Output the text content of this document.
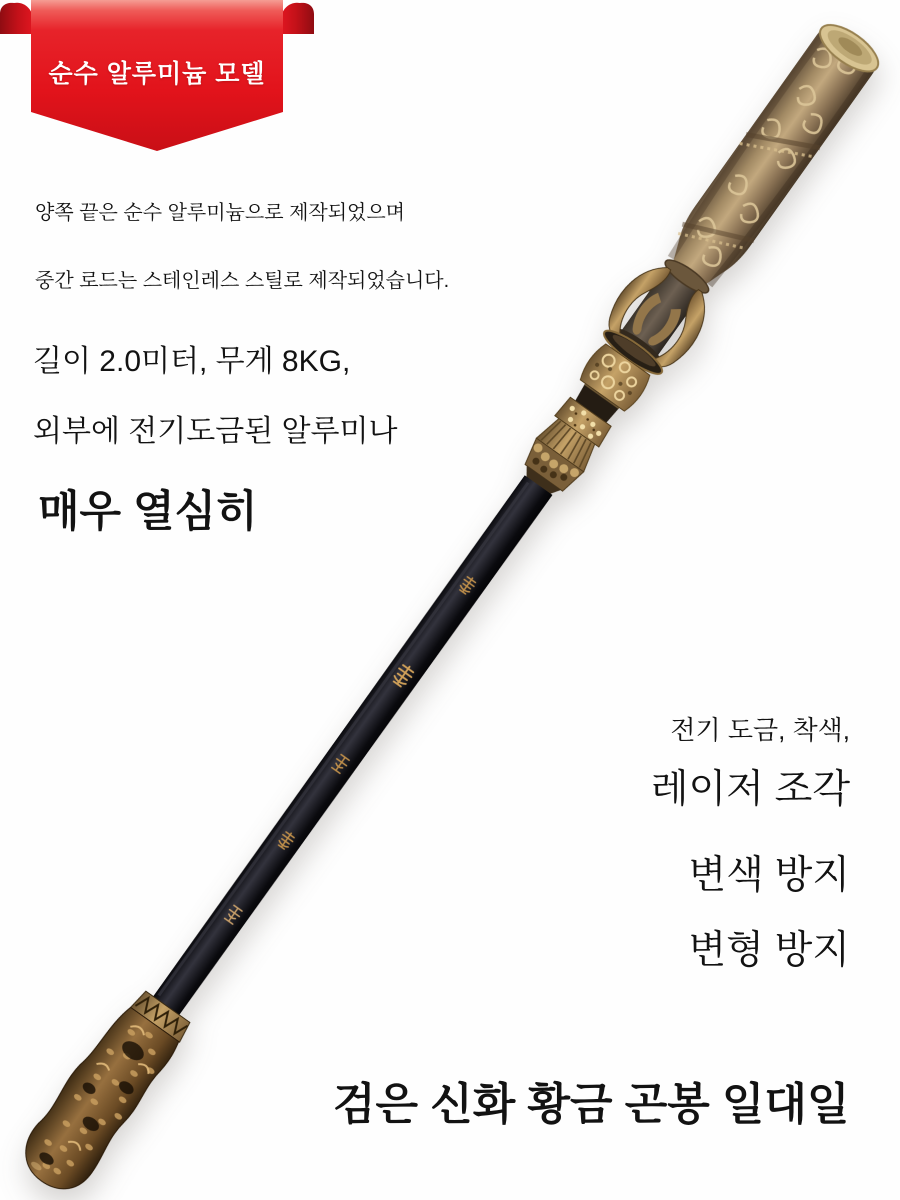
순수 알루미늄 모델
양쪽 끝은 순수 알루미늄으로 제작되었으며
중간 로드는 스테인레스 스틸로 제작되었습니다.
길이 2.0미터, 무게 8KG,
외부에 전기도금된 알루미나
매우 열심히
전기 도금, 착색,
레이저 조각
변색 방지
변형 방지
검은 신화 황금 곤봉 일대일
